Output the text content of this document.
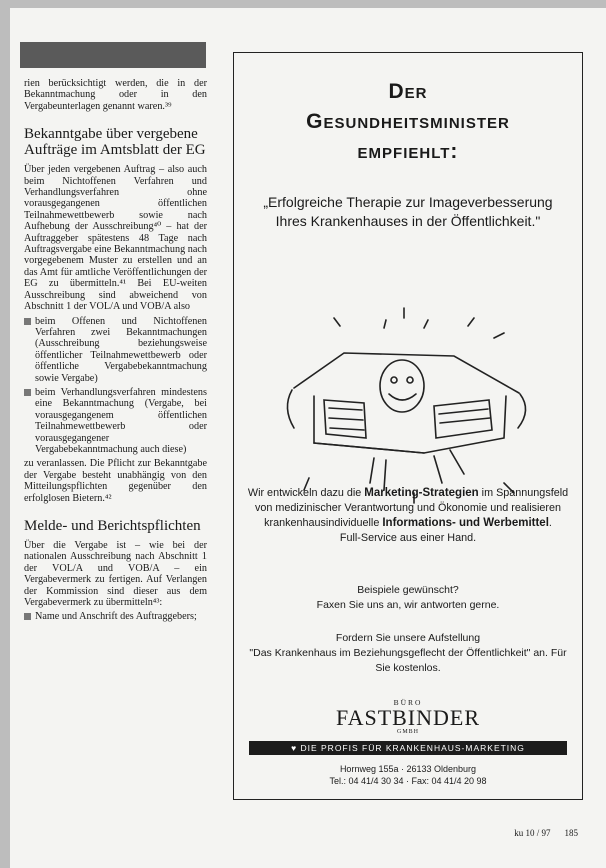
rien berücksichtigt werden, die in der Bekanntmachung oder in den Vergabeunterlagen genannt waren.³⁹

Bekanntgabe über vergebene Aufträge im Amtsblatt der EG

Über jeden vergebenen Auftrag – also auch beim Nichtoffenen Verfahren und Verhandlungsverfahren ohne vorausgegangenen öffentlichen Teilnahmewettbewerb sowie nach Aufhebung der Ausschreibung⁴⁰ – hat der Auftraggeber spätestens 48 Tage nach Auftragsvergabe eine Bekanntmachung nach vorgegebenem Muster zu erstellen und an das Amt für amtliche Veröffentlichungen der EG zu übermitteln.⁴¹ Bei EU-weiten Ausschreibung sind abweichend von Abschnitt 1 der VOL/A und VOB/A also

beim Offenen und Nichtoffenen Verfahren zwei Bekanntmachungen (Ausschreibung beziehungsweise öffentlicher Teilnahmewettbewerb oder öffentliche Vergabebekanntmachung sowie Vergabe)
beim Verhandlungsverfahren mindestens eine Bekanntmachung (Vergabe, bei vorausgegangenem öffentlichen Teilnahmewettbewerb oder vorausgegangener Vergabebekanntmachung auch diese)

zu veranlassen. Die Pflicht zur Bekanntgabe der Vergabe besteht unabhängig von den Mitteilungspflichten gegenüber den erfolglosen Bietern.⁴²

Melde- und Berichtspflichten

Über die Vergabe ist – wie bei der nationalen Ausschreibung nach Abschnitt 1 der VOL/A und VOB/A – ein Vergabevermerk zu fertigen. Auf Verlangen der Kommission sind dieser aus dem Vergabevermerk zu übermitteln⁴³:

Name und Anschrift des Auftraggebers;
Der
Gesundheitsminister
empfiehlt:
„Erfolgreiche Therapie zur Imageverbesserung Ihres Krankenhauses in der Öffentlichkeit."
Wir entwickeln dazu die Marketing-Strategien im Spannungsfeld von medizinischer Verantwortung und Ökonomie und realisieren krankenhausindividuelle Informations- und Werbemittel.
Full-Service aus einer Hand.
Beispiele gewünscht?
Faxen Sie uns an, wir antworten gerne.
Fordern Sie unsere Aufstellung
"Das Krankenhaus im Beziehungsgeflecht der Öffentlichkeit" an. Für Sie kostenlos.
BÜRO
FASTBINDER
GMBH
♥ DIE PROFIS FÜR KRANKENHAUS-MARKETING
Hornweg 155a · 26133 Oldenburg
Tel.: 04 41/4 30 34 · Fax: 04 41/4 20 98
ku 10 / 97 185
